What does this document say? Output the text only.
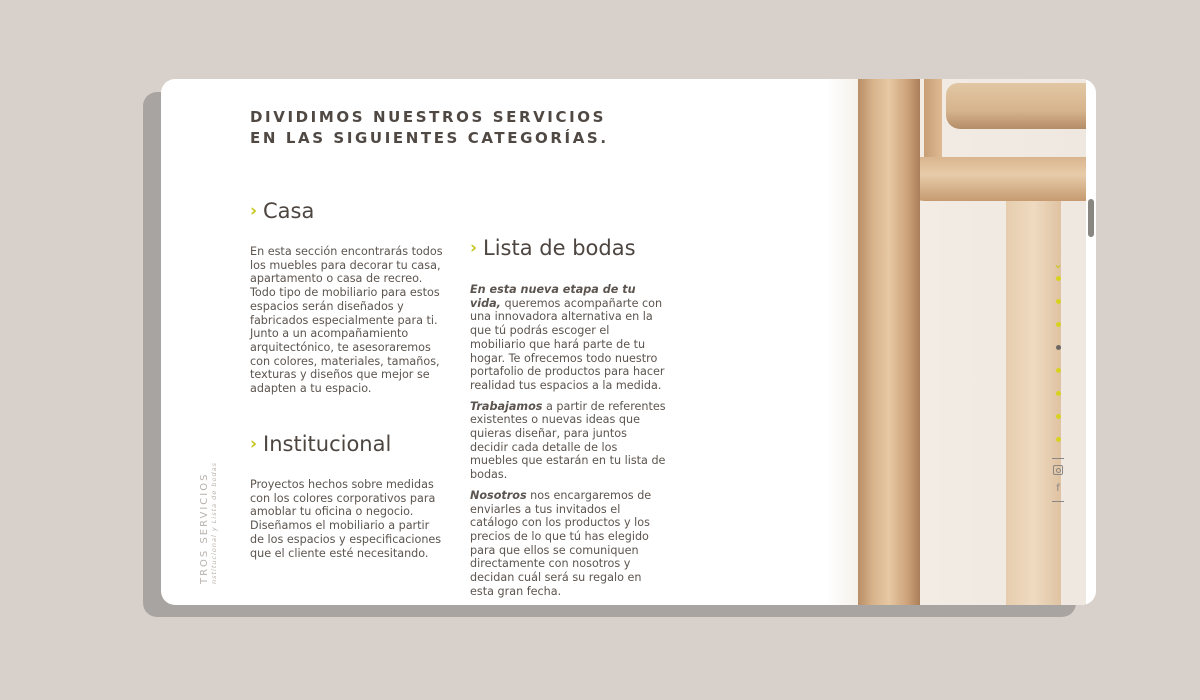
DIVIDIMOS NUESTROS SERVICIOS
EN LAS SIGUIENTES CATEGORÍAS.
› Casa

En esta sección encontrarás todos los muebles para decorar tu casa, apartamento o casa de recreo. Todo tipo de mobiliario para estos espacios serán diseñados y fabricados especialmente para ti. Junto a un acompañamiento arquitectónico, te asesoraremos con colores, materiales, tamaños, texturas y diseños que mejor se adapten a tu espacio.

› Institucional

Proyectos hechos sobre medidas con los colores corporativos para amoblar tu oficina o negocio. Diseñamos el mobiliario a partir de los espacios y especificaciones que el cliente esté necesitando.

› Lista de bodas

En esta nueva etapa de tu vida, queremos acompañarte con una innovadora alternativa en la que tú podrás escoger el mobiliario que hará parte de tu hogar. Te ofrecemos todo nuestro portafolio de productos para hacer realidad tus espacios a la medida.

Trabajamos a partir de referentes existentes o nuevas ideas que quieras diseñar, para juntos decidir cada detalle de los muebles que estarán en tu lista de bodas.

Nosotros nos encargaremos de enviarles a tus invitados el catálogo con los productos y los precios de lo que tú has elegido para que ellos se comuniquen directamente con nosotros y decidan cuál será su regalo en esta gran fecha.

TROS SERVICIOS nstitucional y Lista de bodas
⌄
f
